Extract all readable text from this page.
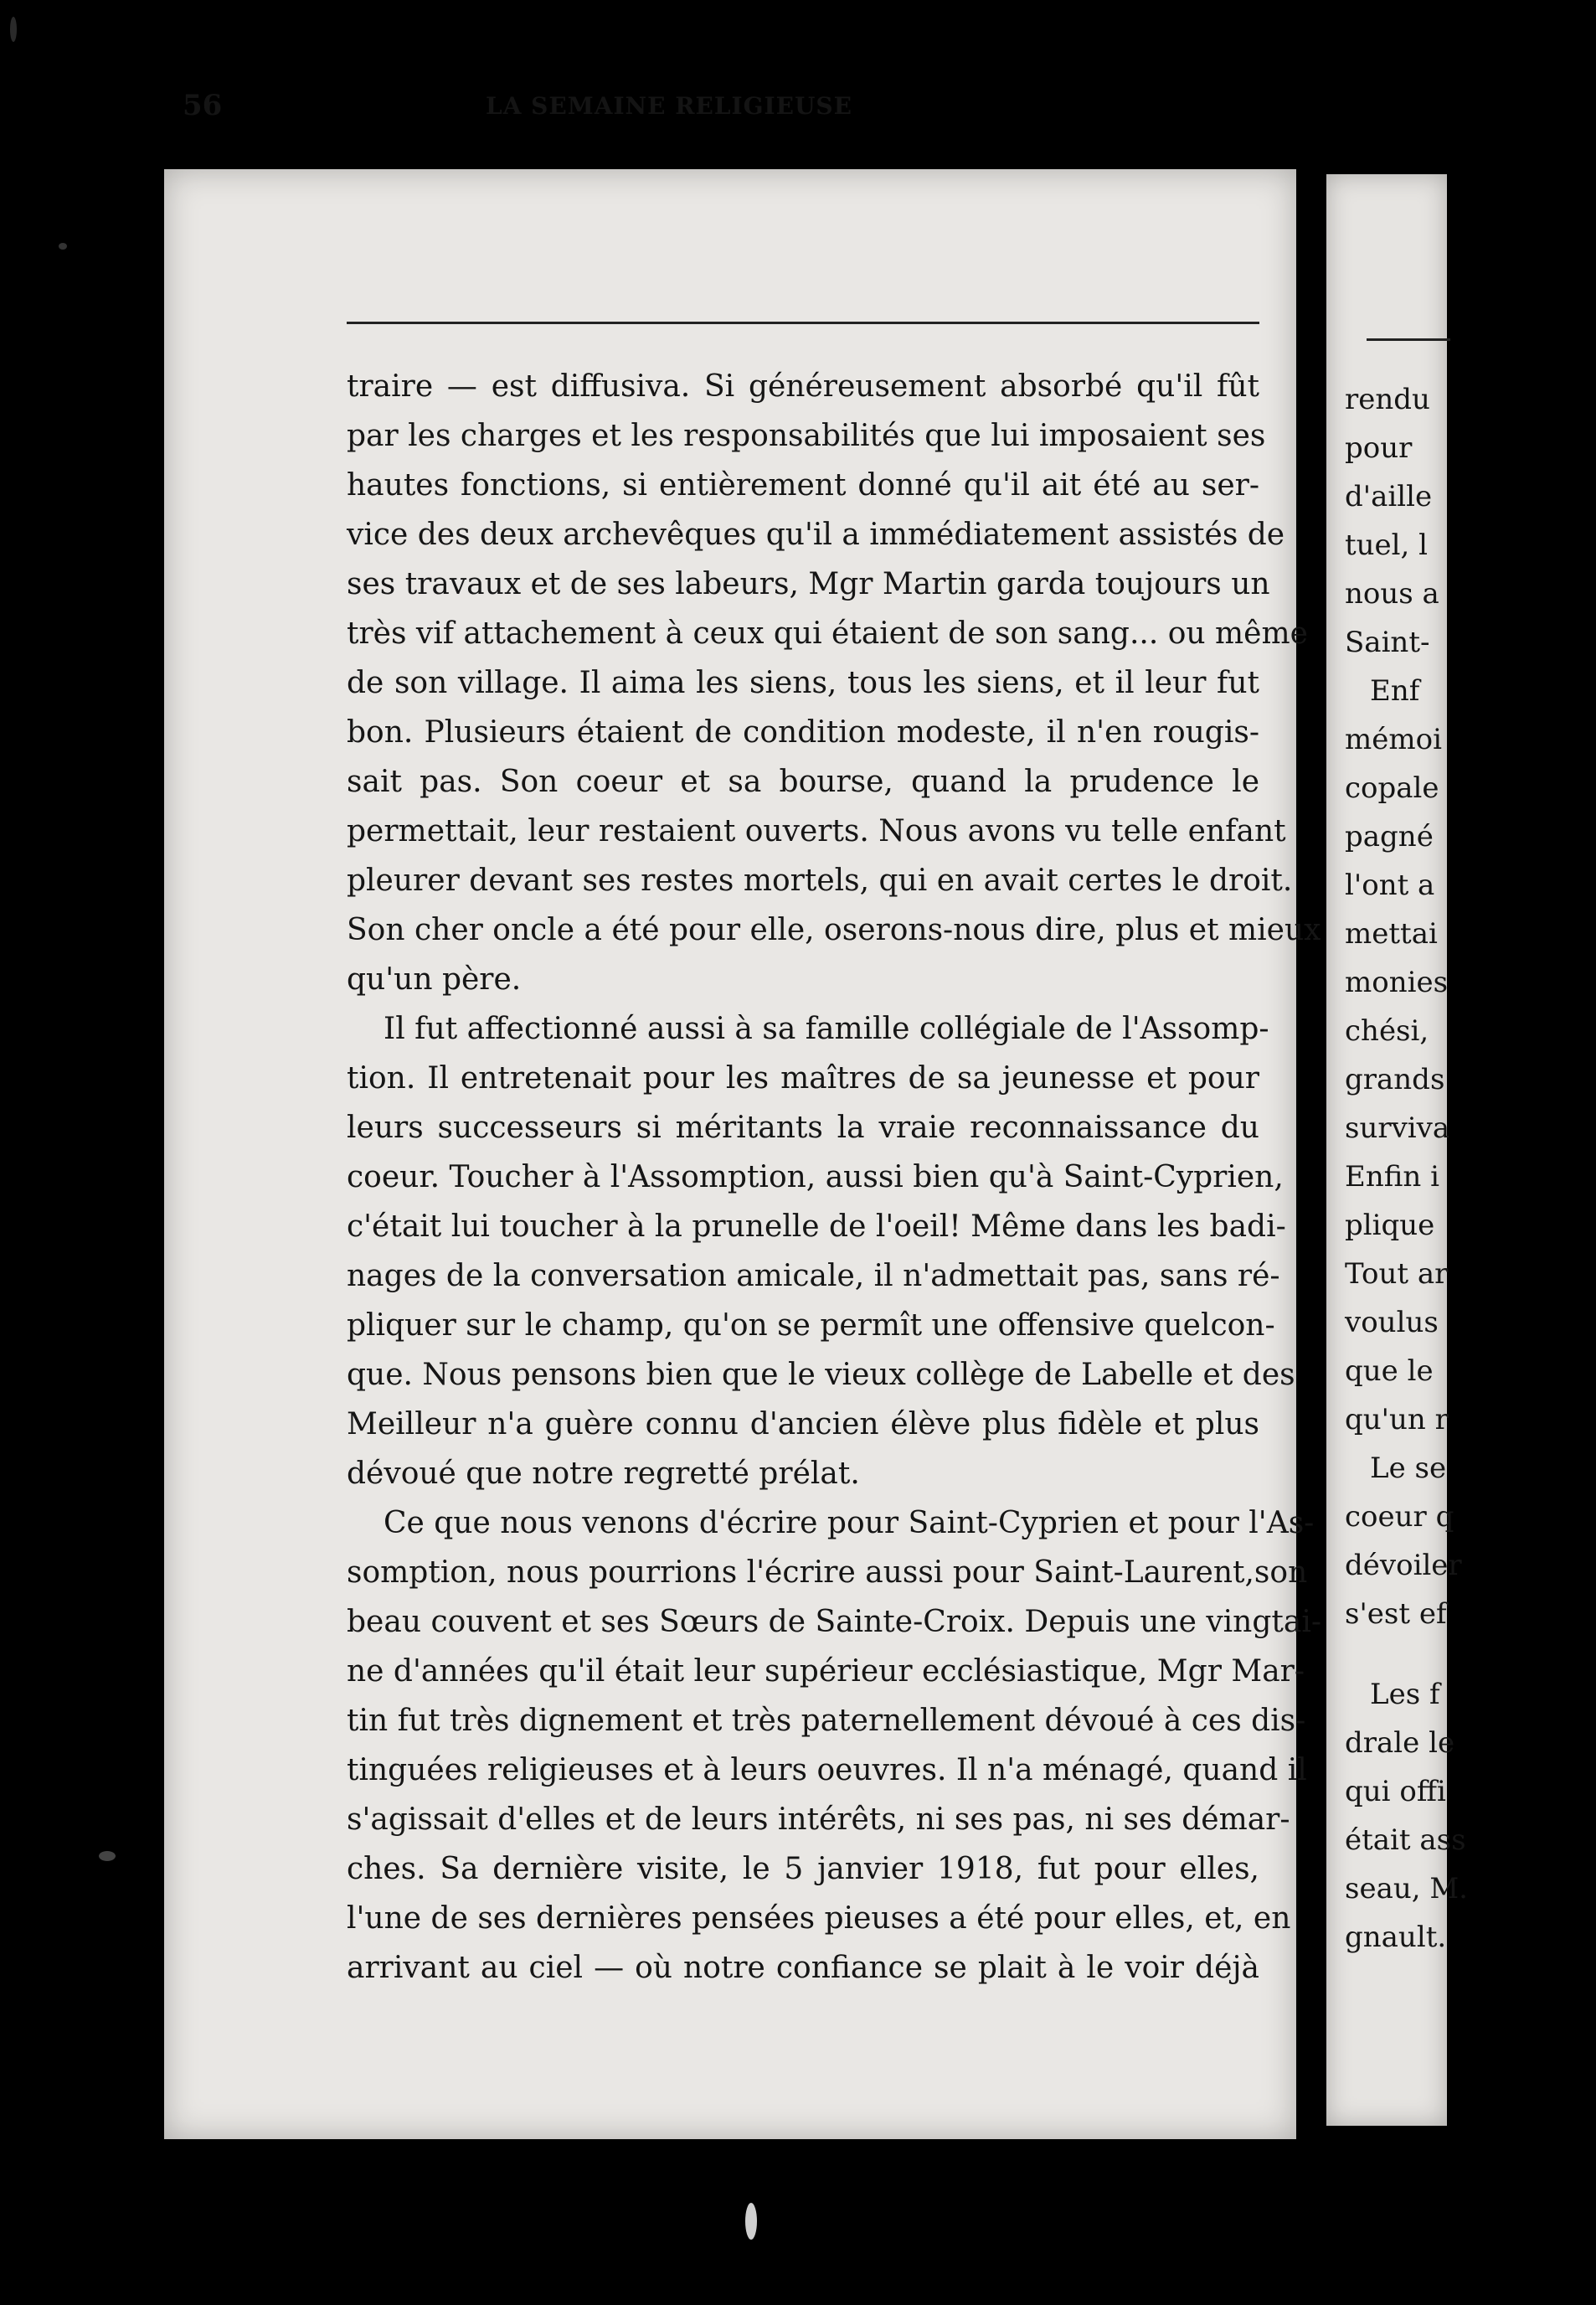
56	LA SEMAINE RELIGIEUSE
traire — est diffusiva. Si généreusement absorbé qu'il fût
par les charges et les responsabilités que lui imposaient ses
hautes fonctions, si entièrement donné qu'il ait été au ser-
vice des deux archevêques qu'il a immédiatement assistés de
ses travaux et de ses labeurs, Mgr Martin garda toujours un
très vif attachement à ceux qui étaient de son sang... ou même
de son village. Il aima les siens, tous les siens, et il leur fut
bon. Plusieurs étaient de condition modeste, il n'en rougis-
sait pas. Son coeur et sa bourse, quand la prudence le
permettait, leur restaient ouverts. Nous avons vu telle enfant
pleurer devant ses restes mortels, qui en avait certes le droit.
Son cher oncle a été pour elle, oserons-nous dire, plus et mieux
qu'un père.
Il fut affectionné aussi à sa famille collégiale de l'Assomp-
tion. Il entretenait pour les maîtres de sa jeunesse et pour
leurs successeurs si méritants la vraie reconnaissance du
coeur. Toucher à l'Assomption, aussi bien qu'à Saint-Cyprien,
c'était lui toucher à la prunelle de l'oeil! Même dans les badi-
nages de la conversation amicale, il n'admettait pas, sans ré-
pliquer sur le champ, qu'on se permît une offensive quelcon-
que. Nous pensons bien que le vieux collège de Labelle et des
Meilleur n'a guère connu d'ancien élève plus fidèle et plus
dévoué que notre regretté prélat.
Ce que nous venons d'écrire pour Saint-Cyprien et pour l'As-
somption, nous pourrions l'écrire aussi pour Saint-Laurent,son
beau couvent et ses Sœurs de Sainte-Croix. Depuis une vingtai-
ne d'années qu'il était leur supérieur ecclésiastique, Mgr Mar-
tin fut très dignement et très paternellement dévoué à ces dis-
tinguées religieuses et à leurs oeuvres. Il n'a ménagé, quand il
s'agissait d'elles et de leurs intérêts, ni ses pas, ni ses démar-
ches. Sa dernière visite, le 5 janvier 1918, fut pour elles,
l'une de ses dernières pensées pieuses a été pour elles, et, en
arrivant au ciel — où notre confiance se plait à le voir déjà
rendu
pour
d'aille
tuel, l
nous a
Saint-
Enf
mémoi
copale
pagné
l'ont a
mettai
monies
chési,
grands
surviva
Enfin i
plique
Tout ar
voulus
que le
qu'un r
Le se
coeur q
dévoiler
s'est ef
Les f
drale le
qui offi
était ass
seau, M.
gnault.
